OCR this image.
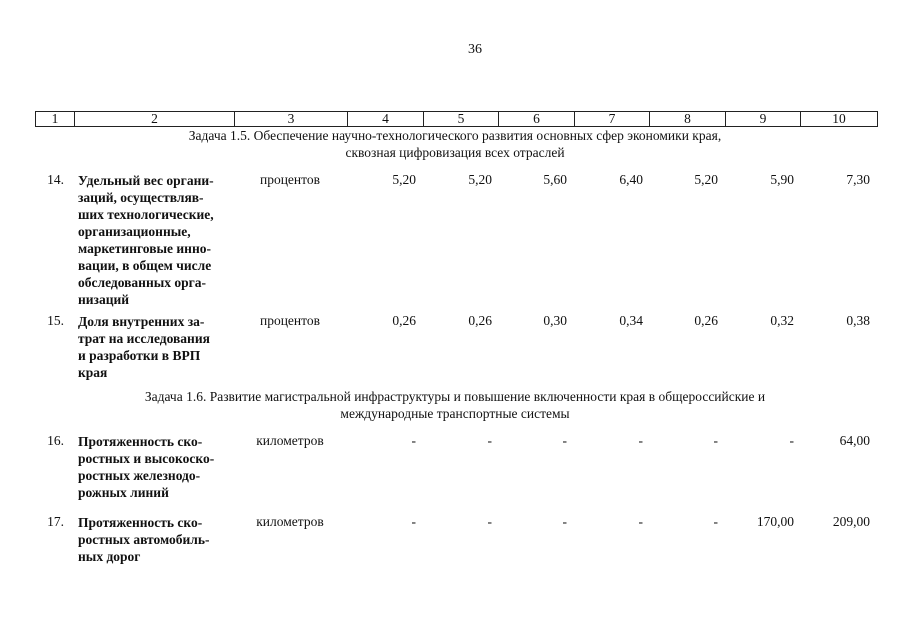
36
1	2	3	4	5	6	7	8	9	10
Задача 1.5. Обеспечение научно-технологического развития основных сфер экономики края,
сквозная цифровизация всех отраслей
14. Удельный вес органи-
заций, осуществляв-
ших технологические,
организационные,
маркетинговые инно-
вации, в общем числе
обследованных орга-
низаций
процентов	5,20	5,20	5,60	6,40	5,20	5,90	7,30
15. Доля внутренних за-
трат на исследования
и разработки в ВРП
края
процентов	0,26	0,26	0,30	0,34	0,26	0,32	0,38
Задача 1.6. Развитие магистральной инфраструктуры и повышение включенности края в общероссийские и
международные транспортные системы
16. Протяженность ско-
ростных и высокоско-
ростных железнодо-
рожных линий
километров	-	-	-	-	-	-	64,00
17. Протяженность ско-
ростных автомобиль-
ных дорог
километров	-	-	-	-	-	170,00	209,00
